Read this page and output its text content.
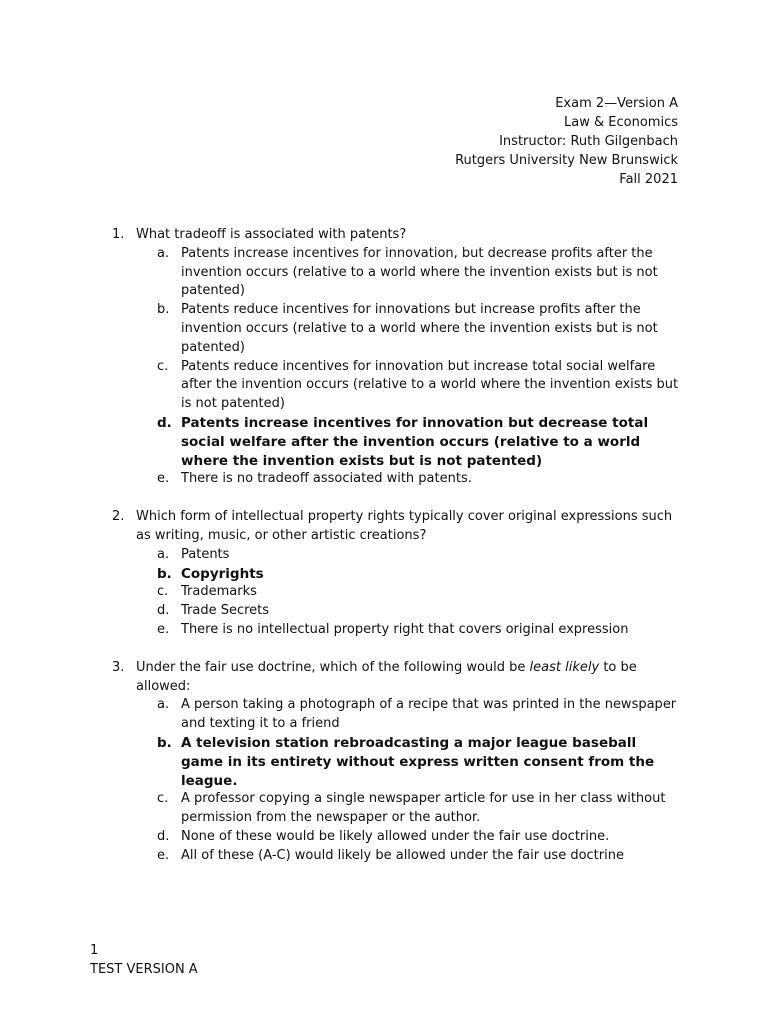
Exam 2—Version A
Law & Economics
Instructor: Ruth Gilgenbach
Rutgers University New Brunswick
Fall 2021
1. What tradeoff is associated with patents?
a. Patents increase incentives for innovation, but decrease profits after the invention occurs (relative to a world where the invention exists but is not patented)
b. Patents reduce incentives for innovations but increase profits after the invention occurs (relative to a world where the invention exists but is not patented)
c. Patents reduce incentives for innovation but increase total social welfare after the invention occurs (relative to a world where the invention exists but is not patented)
d. Patents increase incentives for innovation but decrease total social welfare after the invention occurs (relative to a world where the invention exists but is not patented)
e. There is no tradeoff associated with patents.
2. Which form of intellectual property rights typically cover original expressions such as writing, music, or other artistic creations?
a. Patents
b. Copyrights
c. Trademarks
d. Trade Secrets
e. There is no intellectual property right that covers original expression
3. Under the fair use doctrine, which of the following would be least likely to be allowed:
a. A person taking a photograph of a recipe that was printed in the newspaper and texting it to a friend
b. A television station rebroadcasting a major league baseball game in its entirety without express written consent from the league.
c. A professor copying a single newspaper article for use in her class without permission from the newspaper or the author.
d. None of these would be likely allowed under the fair use doctrine.
e. All of these (A-C) would likely be allowed under the fair use doctrine
1
TEST VERSION A
